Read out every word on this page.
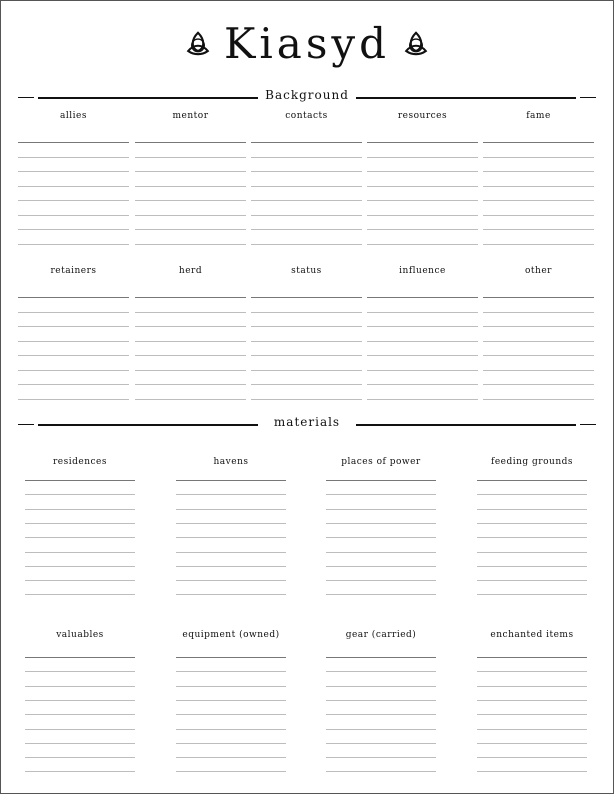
Kiasyd
Background
allies	mentor	contacts	resources	fame
retainers	herd	status	influence	other
materials
residences	havens	places of power	feeding grounds
valuables	equipment (owned)	gear (carried)	enchanted items
